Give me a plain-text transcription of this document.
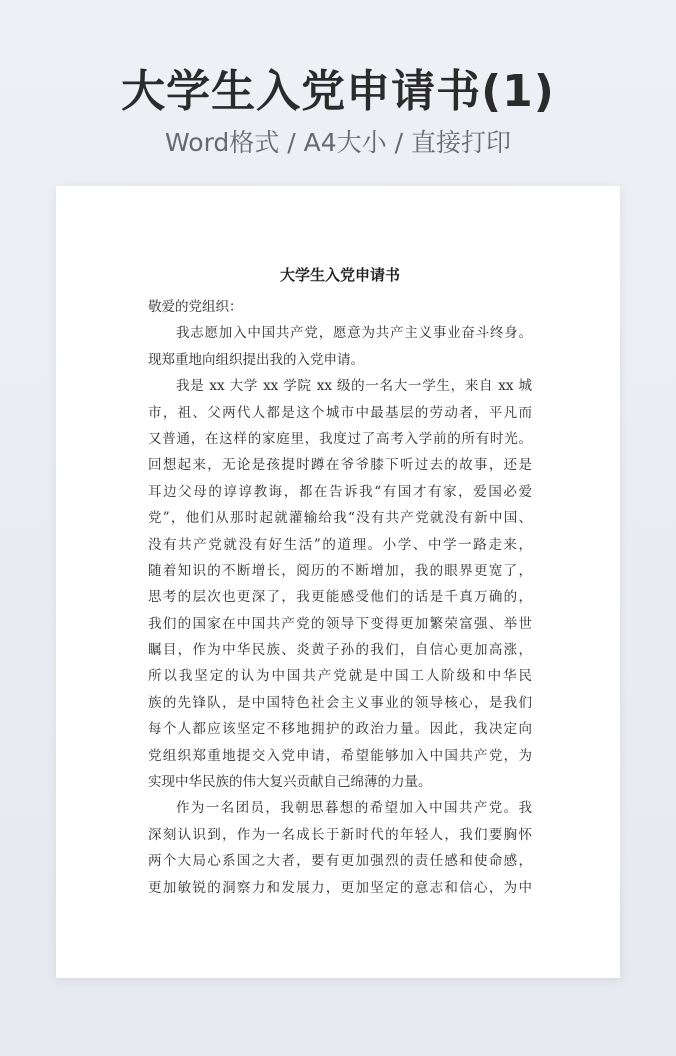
大学生入党申请书(1)
Word格式 / A4大小 / 直接打印
大学生入党申请书
敬爱的党组织：
我志愿加入中国共产党，愿意为共产主义事业奋斗终身。
现郑重地向组织提出我的入党申请。
我是 xx 大学 xx 学院 xx 级的一名大一学生，来自 xx 城
市，祖、父两代人都是这个城市中最基层的劳动者，平凡而
又普通，在这样的家庭里，我度过了高考入学前的所有时光。
回想起来，无论是孩提时蹲在爷爷膝下听过去的故事，还是
耳边父母的谆谆教诲，都在告诉我“有国才有家，爱国必爱
党”，他们从那时起就灌输给我“没有共产党就没有新中国、
没有共产党就没有好生活”的道理。小学、中学一路走来，
随着知识的不断增长，阅历的不断增加，我的眼界更宽了，
思考的层次也更深了，我更能感受他们的话是千真万确的，
我们的国家在中国共产党的领导下变得更加繁荣富强、举世
瞩目，作为中华民族、炎黄子孙的我们，自信心更加高涨，
所以我坚定的认为中国共产党就是中国工人阶级和中华民
族的先锋队，是中国特色社会主义事业的领导核心，是我们
每个人都应该坚定不移地拥护的政治力量。因此，我决定向
党组织郑重地提交入党申请，希望能够加入中国共产党，为
实现中华民族的伟大复兴贡献自己绵薄的力量。
作为一名团员，我朝思暮想的希望加入中国共产党。我
深刻认识到，作为一名成长于新时代的年轻人，我们要胸怀
两个大局心系国之大者，要有更加强烈的责任感和使命感，
更加敏锐的洞察力和发展力，更加坚定的意志和信心，为中
